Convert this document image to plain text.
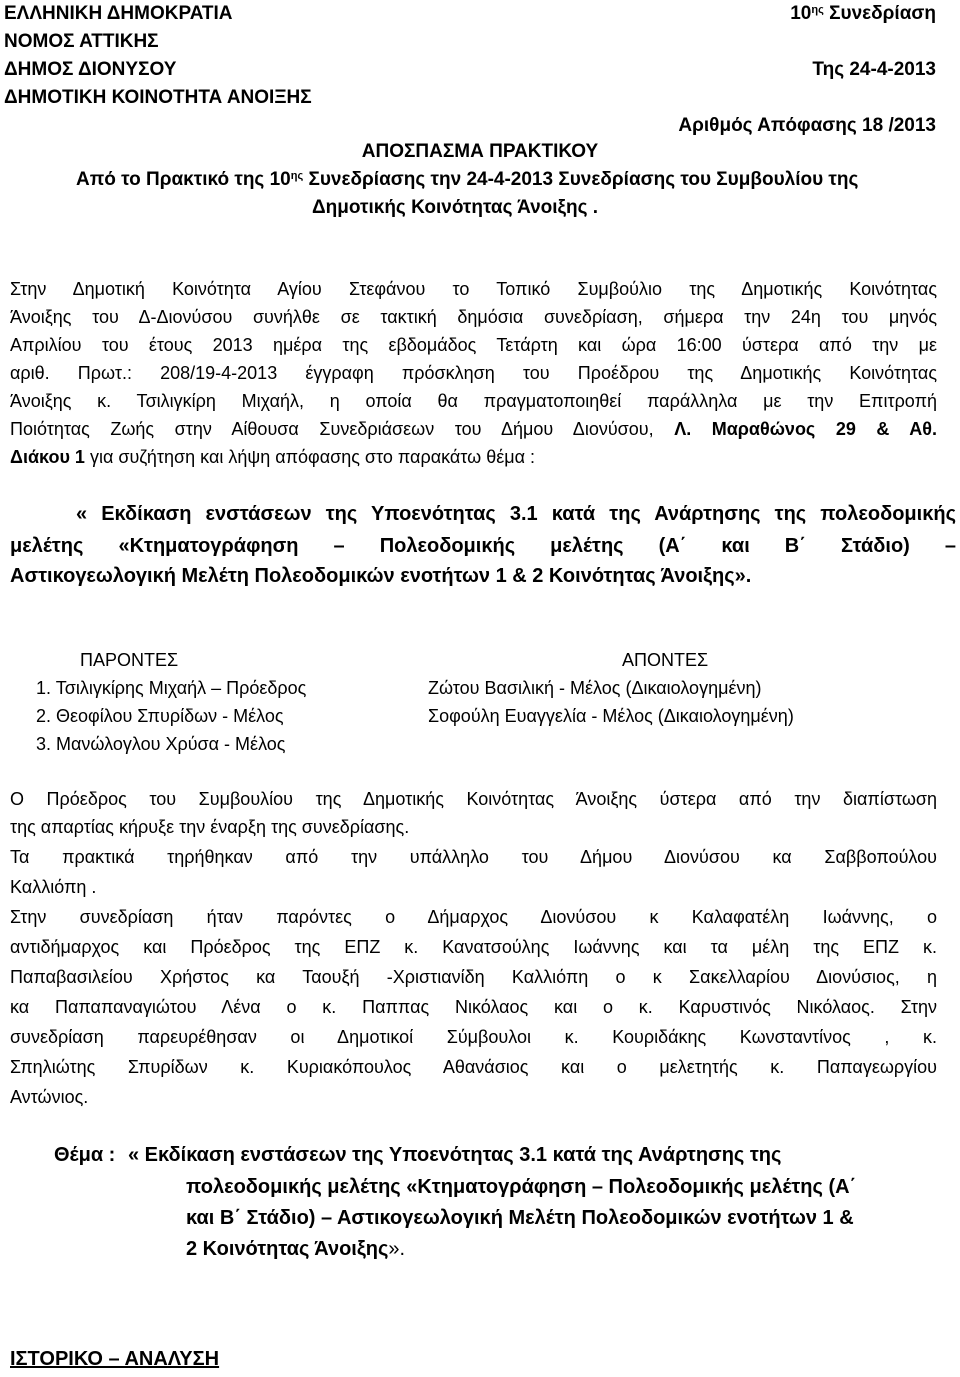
ΕΛΛΗΝΙΚΗ ΔΗΜΟΚΡΑΤΙΑ
ΝΟΜΟΣ ΑΤΤΙΚΗΣ
ΔΗΜΟΣ ΔΙΟΝΥΣΟΥ
ΔΗΜΟΤΙΚΗ ΚΟΙΝΟΤΗΤΑ ΑΝΟΙΞΗΣ
$10^{\eta\varsigma}$ Συνεδρίαση
Της 24-4-2013
Αριθμός Απόφασης 18 /2013
ΑΠΟΣΠΑΣΜΑ ΠΡΑΚΤΙΚΟΥ
Από το Πρακτικό της $10^{\eta\varsigma}$ Συνεδρίασης την 24-4-2013 Συνεδρίασης του Συμβουλίου της
Δημοτικής Κοινότητας Άνοιξης .
Στην Δημοτική Κοινότητα Αγίου Στεφάνου το Τοπικό Συμβούλιο της Δημοτικής Κοινότητας
Άνοιξης του Δ-Διονύσου συνήλθε σε τακτική δημόσια συνεδρίαση, σήμερα την 24η του μηνός
Απριλίου του έτους 2013 ημέρα της εβδομάδος Τετάρτη και ώρα 16:00 ύστερα από την με
αριθ. Πρωτ.: 208/19-4-2013 έγγραφη πρόσκληση του Προέδρου της Δημοτικής Κοινότητας
Άνοιξης κ. Τσιλιγκίρη Μιχαήλ, η οποία θα πραγματοποιηθεί παράλληλα με την Επιτροπή
Ποιότητας Ζωής στην Αίθουσα Συνεδριάσεων του Δήμου Διονύσου, Λ. Μαραθώνος 29 & Αθ.
Διάκου 1 για συζήτηση και λήψη απόφασης στο παρακάτω θέμα :
« Εκδίκαση ενστάσεων της Υποενότητας 3.1 κατά της Ανάρτησης της πολεοδομικής
μελέτης «Κτηματογράφηση – Πολεοδομικής μελέτης (Α΄ και Β΄ Στάδιο) –
Αστικογεωλογική Μελέτη Πολεοδομικών ενοτήτων 1 & 2 Κοινότητας Άνοιξης».
ΠΑΡΟΝΤΕΣ
1. Τσιλιγκίρης Μιχαήλ – Πρόεδρος
2. Θεοφίλου Σπυρίδων - Μέλος
3. Μανώλογλου Χρύσα - Μέλος
ΑΠΟΝΤΕΣ
Ζώτου Βασιλική - Μέλος (Δικαιολογημένη)
Σοφούλη Ευαγγελία - Μέλος (Δικαιολογημένη)
Ο Πρόεδρος του Συμβουλίου της Δημοτικής Κοινότητας Άνοιξης ύστερα από την διαπίστωση
της απαρτίας κήρυξε την έναρξη της συνεδρίασης.
Τα πρακτικά τηρήθηκαν από την υπάλληλο του Δήμου Διονύσου κα Σαββοπούλου
Καλλιόπη .
Στην συνεδρίαση ήταν παρόντες ο Δήμαρχος Διονύσου κ Καλαφατέλη Ιωάννης, ο
αντιδήμαρχος και Πρόεδρος της ΕΠΖ κ. Κανατσούλης Ιωάννης και τα μέλη της ΕΠΖ κ.
Παπαβασιλείου Χρήστος κα Ταουξή -Χριστιανίδη Καλλιόπη ο κ Σακελλαρίου Διονύσιος, η
κα Παπαπαναγιώτου Λένα ο κ. Παππας Νικόλαος και ο κ. Καρυστινός Νικόλαος. Στην
συνεδρίαση παρευρέθησαν οι Δημοτικοί Σύμβουλοι κ. Κουριδάκης Κωνσταντίνος , κ.
Σπηλιώτης Σπυρίδων κ. Κυριακόπουλος Αθανάσιος και ο μελετητής κ. Παπαγεωργίου
Αντώνιος.
Θέμα : « Εκδίκαση ενστάσεων της Υποενότητας 3.1 κατά της Ανάρτησης της
πολεοδομικής μελέτης «Κτηματογράφηση – Πολεοδομικής μελέτης (Α΄
και Β΄ Στάδιο) – Αστικογεωλογική Μελέτη Πολεοδομικών ενοτήτων 1 &
2 Κοινότητας Άνοιξης».
ΙΣΤΟΡΙΚΟ – ΑΝΑΛΥΣΗ
